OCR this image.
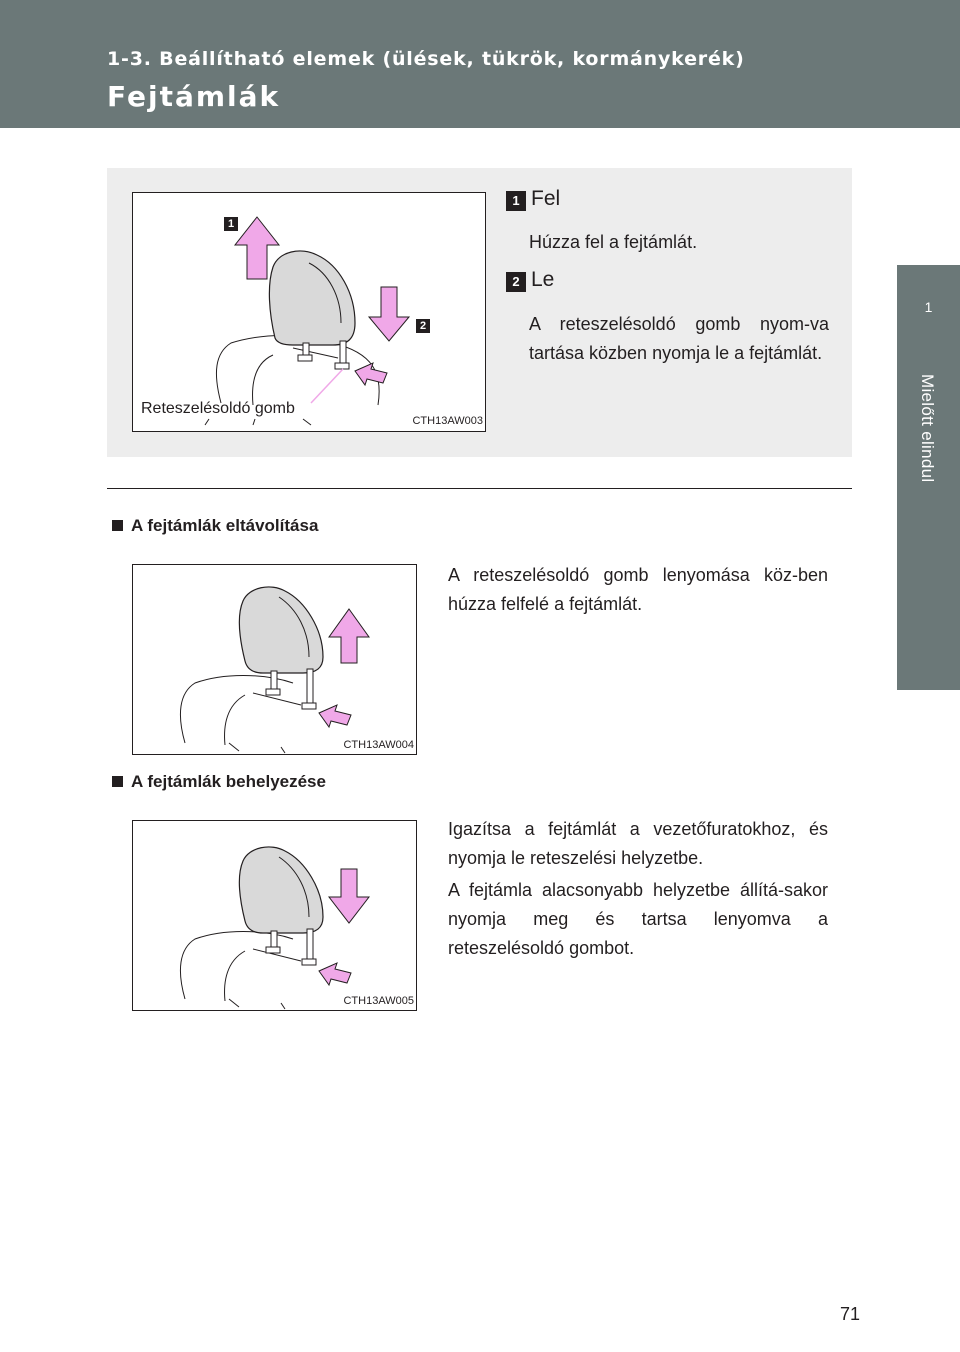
1-3. Beállítható elemek (ülések, tükrök, kormánykerék)
Fejtámlák
1
Mielőtt elindul
1
2
Reteszelésoldó gomb
CTH13AW003
1 Fel
Húzza fel a fejtámlát.
2 Le
A reteszelésoldó gomb nyom-va tartása közben nyomja le a fejtámlát.
A fejtámlák eltávolítása
CTH13AW004

A reteszelésoldó gomb lenyomása köz-ben húzza felfelé a fejtámlát.

A fejtámlák behelyezése
CTH13AW005

Igazítsa a fejtámlát a vezetőfuratokhoz, és nyomja le reteszelési helyzetbe.

A fejtámla alacsonyabb helyzetbe állítá-sakor nyomja meg és tartsa lenyomva a reteszelésoldó gombot.

71
